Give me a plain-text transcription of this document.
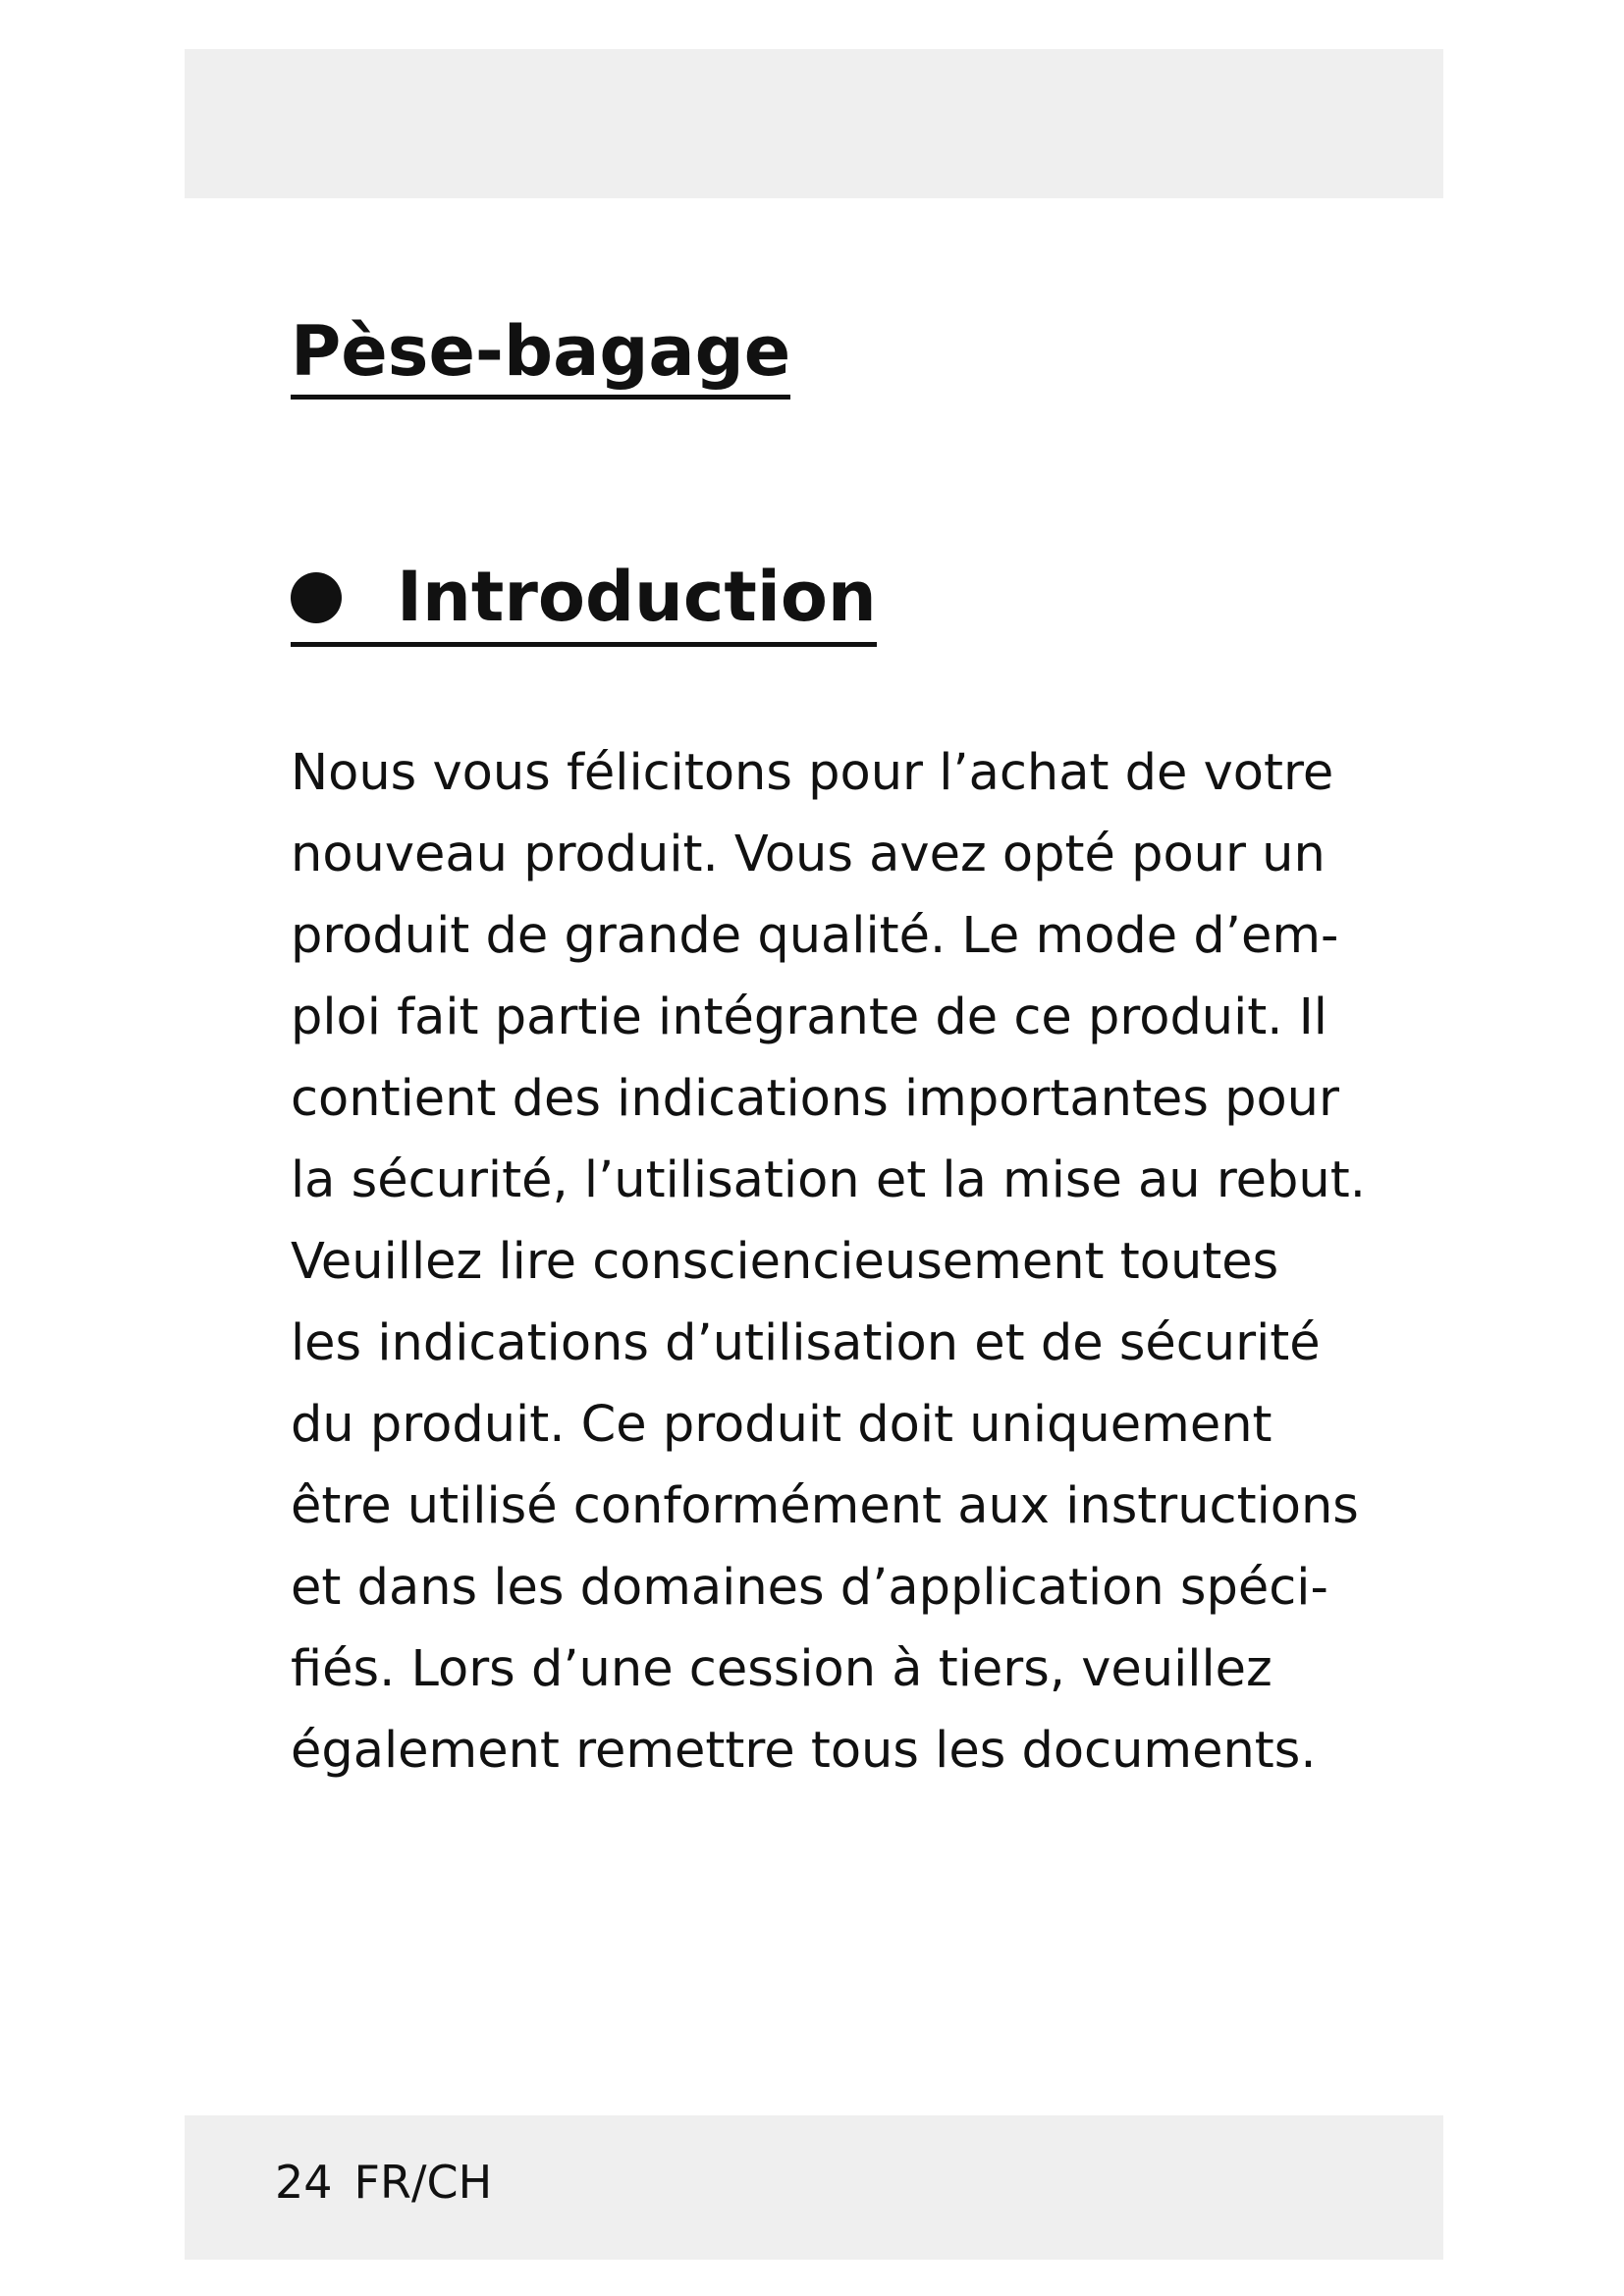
Pèse-bagage
Introduction

Nous vous félicitons pour l’achat de votre
nouveau produit. Vous avez opté pour un
produit de grande qualité. Le mode d’em-
ploi fait partie intégrante de ce produit. Il
contient des indications importantes pour
la sécurité, l’utilisation et la mise au rebut.
Veuillez lire consciencieusement toutes
les indications d’utilisation et de sécurité
du produit. Ce produit doit uniquement
être utilisé conformément aux instructions
et dans les domaines d’application spéci-
fiés. Lors d’une cession à tiers, veuillez
également remettre tous les documents.

24 FR/CH
